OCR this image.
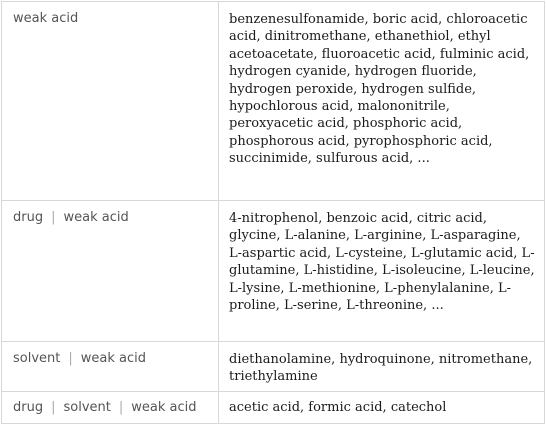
weak acid	benzenesulfonamide, boric acid, chloroacetic acid, dinitromethane, ethanethiol, ethyl acetoacetate, fluoroacetic acid, fulminic acid, hydrogen cyanide, hydrogen fluoride, hydrogen peroxide, hydrogen sulfide, hypochlorous acid, malononitrile, peroxyacetic acid, phosphoric acid, phosphorous acid, pyrophosphoric acid, succinimide, sulfurous acid, ...
drug | weak acid	4-nitrophenol, benzoic acid, citric acid, glycine, L-alanine, L-arginine, L-asparagine, L-aspartic acid, L-cysteine, L-glutamic acid, L-glutamine, L-histidine, L-isoleucine, L-leucine, L-lysine, L-methionine, L-phenylalanine, L-proline, L-serine, L-threonine, ...
solvent | weak acid	diethanolamine, hydroquinone, nitromethane, triethylamine
drug | solvent | weak acid	acetic acid, formic acid, catechol
